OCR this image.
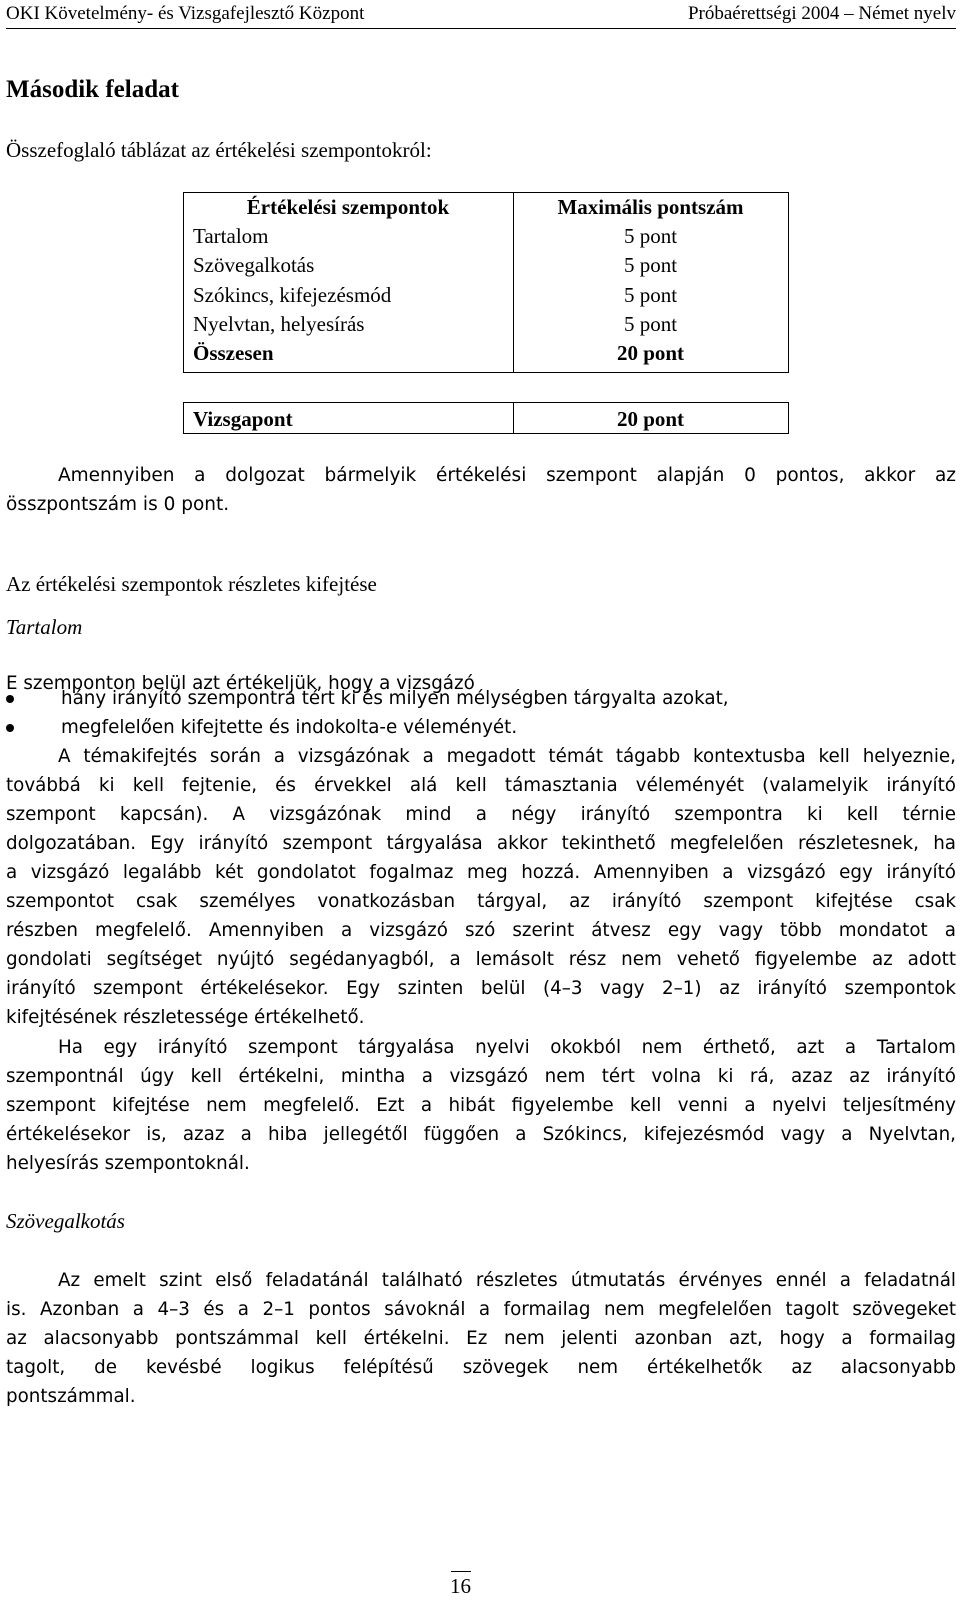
OKI Követelmény- és Vizsgafejlesztő Központ	Próbaérettségi 2004 – Német nyelv
Második feladat
Összefoglaló táblázat az értékelési szempontokról:
Értékelési szempontok	Maximális pontszám
Tartalom	5 pont
Szövegalkotás	5 pont
Szókincs, kifejezésmód	5 pont
Nyelvtan, helyesírás	5 pont
Összesen	20 pont
Vizsgapont	20 pont
Amennyiben a dolgozat bármelyik értékelési szempont alapján 0 pontos, akkor az
összpontszám is 0 pont.
Az értékelési szempontok részletes kifejtése
Tartalom
E szemponton belül azt értékeljük, hogy a vizsgázó
hány irányító szempontra tért ki és milyen mélységben tárgyalta azokat,
megfelelően kifejtette és indokolta-e véleményét.
A témakifejtés során a vizsgázónak a megadott témát tágabb kontextusba kell helyeznie,
továbbá ki kell fejtenie, és érvekkel alá kell támasztania véleményét (valamelyik irányító
szempont kapcsán). A vizsgázónak mind a négy irányító szempontra ki kell térnie
dolgozatában. Egy irányító szempont tárgyalása akkor tekinthető megfelelően részletesnek, ha
a vizsgázó legalább két gondolatot fogalmaz meg hozzá. Amennyiben a vizsgázó egy irányító
szempontot csak személyes vonatkozásban tárgyal, az irányító szempont kifejtése csak
részben megfelelő. Amennyiben a vizsgázó szó szerint átvesz egy vagy több mondatot a
gondolati segítséget nyújtó segédanyagból, a lemásolt rész nem vehető figyelembe az adott
irányító szempont értékelésekor. Egy szinten belül (4–3 vagy 2–1) az irányító szempontok
kifejtésének részletessége értékelhető.
Ha egy irányító szempont tárgyalása nyelvi okokból nem érthető, azt a Tartalom
szempontnál úgy kell értékelni, mintha a vizsgázó nem tért volna ki rá, azaz az irányító
szempont kifejtése nem megfelelő. Ezt a hibát figyelembe kell venni a nyelvi teljesítmény
értékelésekor is, azaz a hiba jellegétől függően a Szókincs, kifejezésmód vagy a Nyelvtan,
helyesírás szempontoknál.
Szövegalkotás
Az emelt szint első feladatánál található részletes útmutatás érvényes ennél a feladatnál
is. Azonban a 4–3 és a 2–1 pontos sávoknál a formailag nem megfelelően tagolt szövegeket
az alacsonyabb pontszámmal kell értékelni. Ez nem jelenti azonban azt, hogy a formailag
tagolt, de kevésbé logikus felépítésű szövegek nem értékelhetők az alacsonyabb
pontszámmal.
16
